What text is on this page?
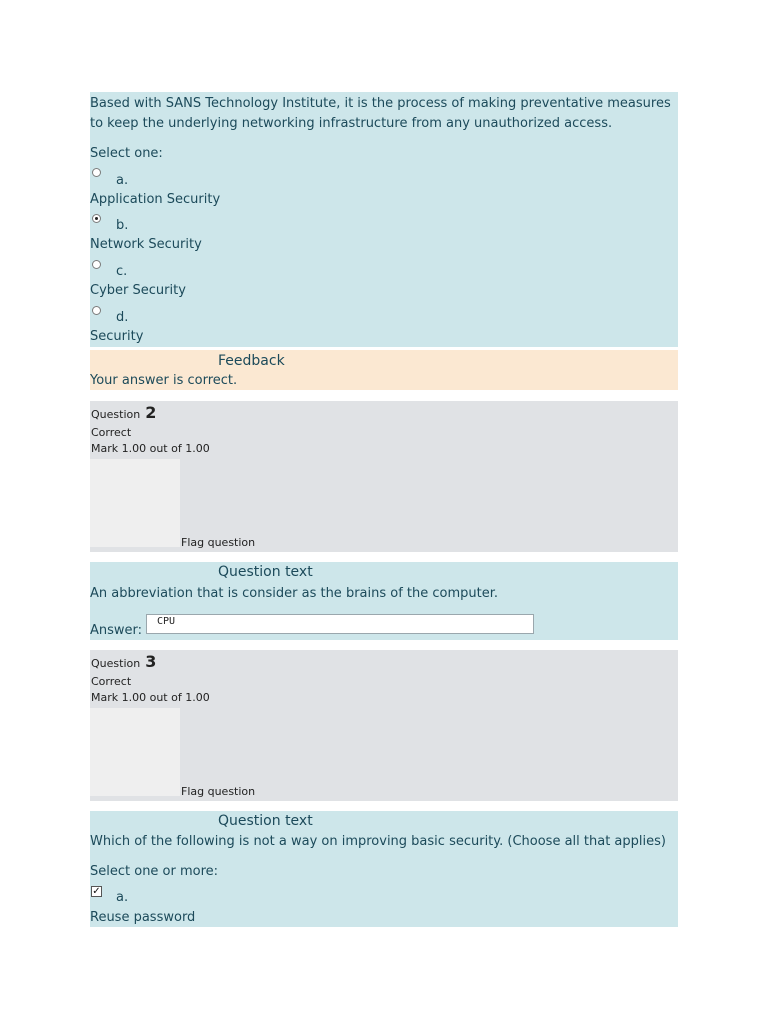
Based with SANS Technology Institute, it is the process of making preventative measures to keep the underlying networking infrastructure from any unauthorized access.
Select one:
a.
Application Security
b.
Network Security
c.
Cyber Security
d.
Security
Feedback
Your answer is correct.
Question 2
Correct
Mark 1.00 out of 1.00
Flag question
Question text
An abbreviation that is consider as the brains of the computer.
Answer:
CPU
Question 3
Correct
Mark 1.00 out of 1.00
Flag question
Question text
Which of the following is not a way on improving basic security. (Choose all that applies)
Select one or more:
✓ a.
Reuse password
